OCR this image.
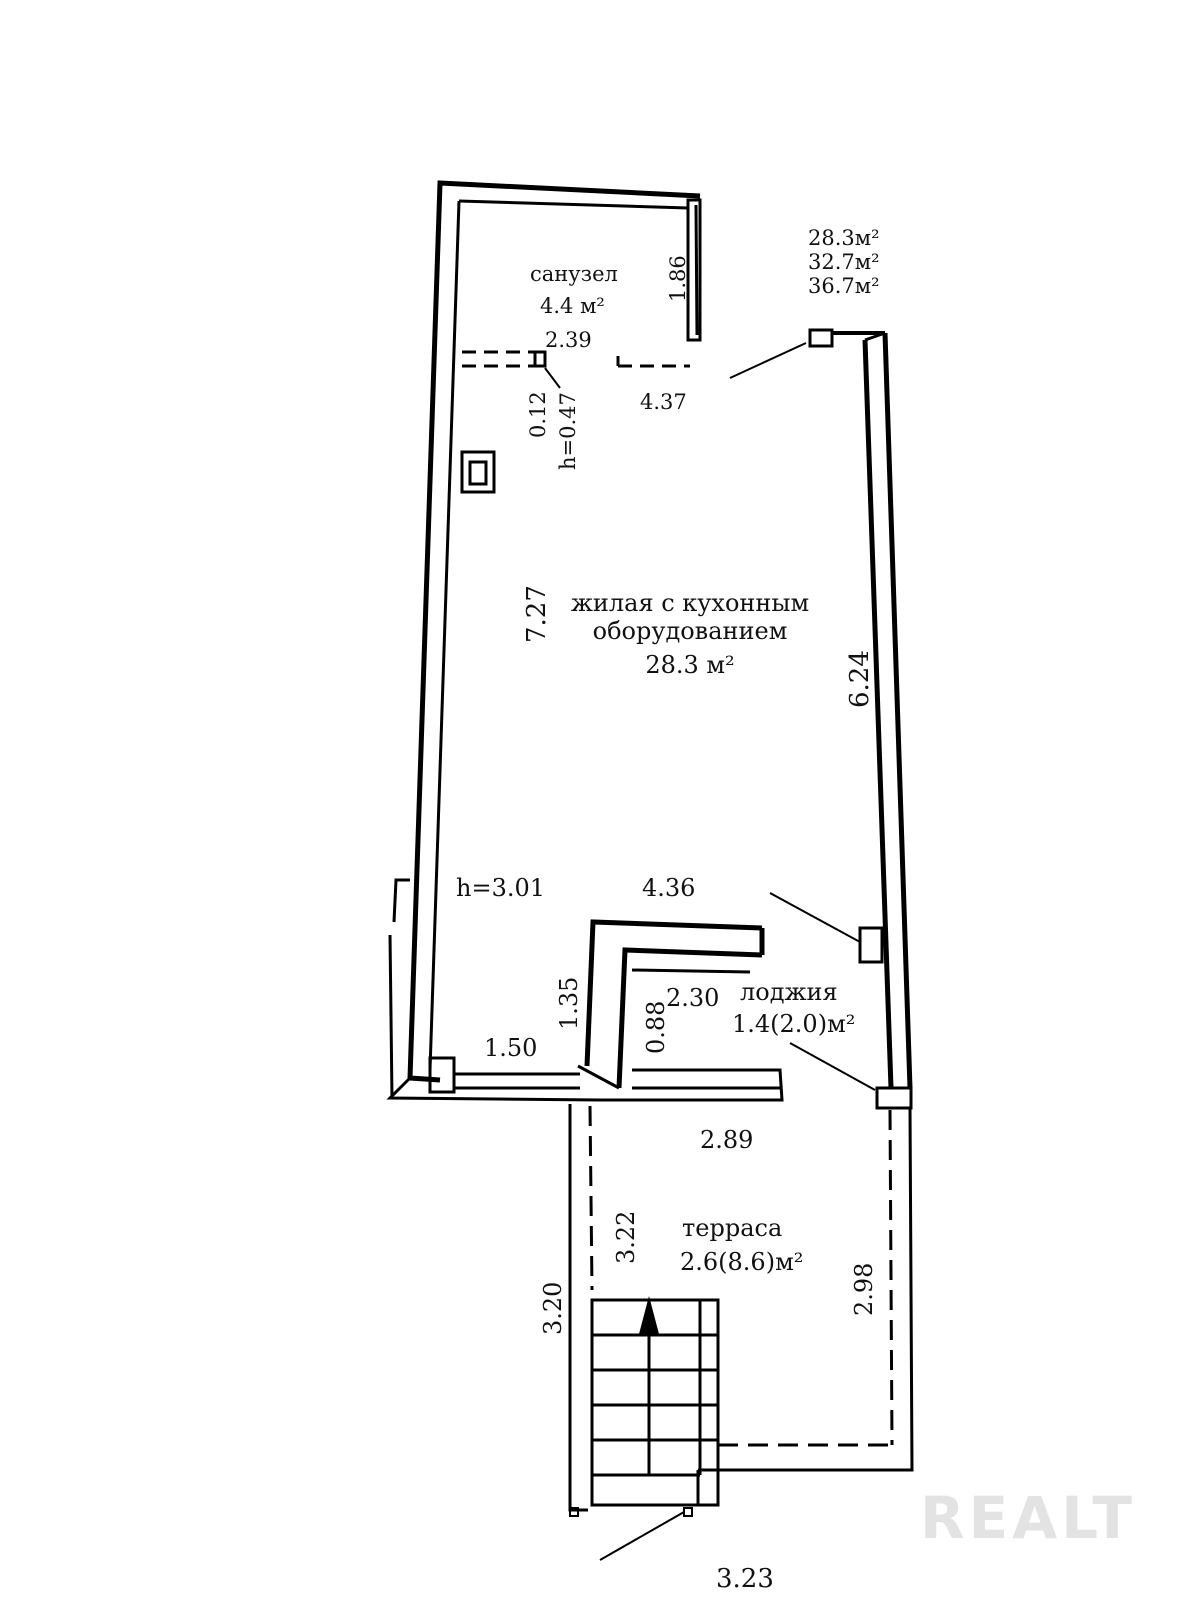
28.3м²
32.7м²
36.7м²
санузел
4.4 м²
2.39
1.86
4.37
0.12 h=0.47
жилая с кухонным
оборудованием
28.3 м²
7.27
6.24
h=3.01	4.36
1.35
1.50	0.88
2.30 лоджия
1.4(2.0)м²
2.89
терраса
2.6(8.6)м²
3.22
3.20	2.98
3.23
REALT
